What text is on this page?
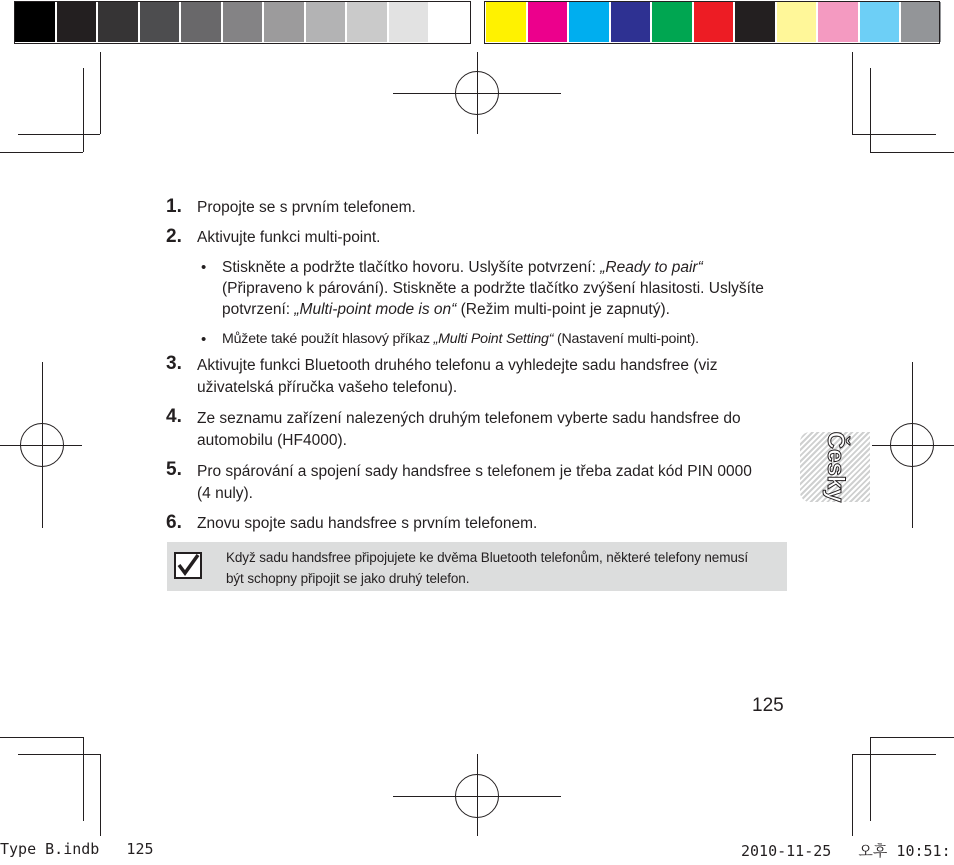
Česky
1. Propojte se s prvním telefonem.
2. Aktivujte funkci multi-point.
• Stiskněte a podržte tlačítko hovoru. Uslyšíte potvrzení: „Ready to pair“ (Připraveno k párování). Stiskněte a podržte tlačítko zvýšení hlasitosti. Uslyšíte potvrzení: „Multi-point mode is on“ (Režim multi-point je zapnutý).
• Můžete také použít hlasový příkaz „Multi Point Setting“ (Nastavení multi-point).
3. Aktivujte funkci Bluetooth druhého telefonu a vyhledejte sadu handsfree (viz uživatelská příručka vašeho telefonu).
4. Ze seznamu zařízení nalezených druhým telefonem vyberte sadu handsfree do automobilu (HF4000).
5. Pro spárování a spojení sady handsfree s telefonem je třeba zadat kód PIN 0000 (4 nuly).
6. Znovu spojte sadu handsfree s prvním telefonem.
Když sadu handsfree připojujete ke dvěma Bluetooth telefonům, některé telefony nemusí být schopny připojit se jako druhý telefon.
125
Type B.indb   125	2010-11-25   오후 10:51:
